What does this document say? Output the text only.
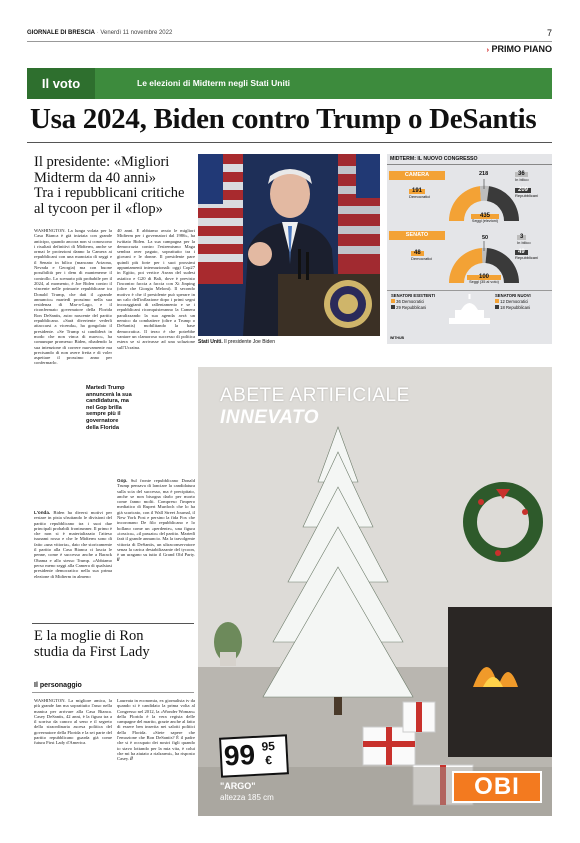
GIORNALE DI BRESCIA · Venerdì 11 novembre 2022	7
› PRIMO PIANO
Il voto	Le elezioni di Midterm negli Stati Uniti
Usa 2024, Biden contro Trump o DeSantis
Il presidente: «Migliori
Midterm da 40 anni»
Tra i repubblicani critiche
al tycoon per il «flop»
Stati Uniti. Il presidente Joe Biden
MIDTERM: IL NUOVO CONGRESSO
CAMERA	218
191
Democratici
36
In bilico
209
Repubblicani
435
Seggi (elezioni)
SENATO	50
48
Democratici
3
In bilico
49
Repubblicani
100
Seggi (35 al voto)
SENATORI ESISTENTI
36 Democratici
29 Repubblicani
SENATORI NUOVI
12 Democratici
18 Repubblicani
WITHUB
WASHINGTON. La lunga volata per la Casa Bianca è già iniziata con grande anticipo, quando ancora non si conoscono i risultati definitivi di Midterm, anche se ormai le proiezioni danno la Camera ai repubblicani con una manciata di seggi e il Senato in bilico (mancano Arizona, Nevada e Georgia) ma con buone possibilità per i dem di mantenerne il controllo. Lo scenario più probabile per il 2024, al momento, è Joe Biden contro il vincente nelle primarie repubblicane tra Donald Trump, che dati il «grande annuncio» martedì prossimo nella sua residenza di Mar-a-Lago, e il riconfermato governatore della Florida Ron DeSantis, astro nascente del partito repubblicano. «Sarà divertente vederli attaccarsi a vicenda», ha gongolato il presidente. «Se Trump si candiderà in modo che non vinca di nuovo», ha comunque promesso Biden, ribadendo la sua intenzione di correre nuovamente ma precisando di non avere fretta e di voler aspettare il prossimo anno per confermarlo.
L'onda. Biden ha diversi motivi per restare in pista sfruttando le divisioni del partito repubblicano tra i suoi due principali probabili frontrunner. Il primo è che non si è materializzato l'atteso tsunami rosso e che le Midterm sono di fatto «una vittoria», dato che storicamente il partito alla Casa Bianca ci lascia le penne, come è successo anche a Barack Obama e allo stesso Trump. «Abbiamo perso meno seggi alla Camera di qualsiasi presidente democratico nella sua prima elezione di Midterm in almeno
Martedì Trump annuncerà la sua candidatura, ma nel Gop brilla sempre più il governatore della Florida
40 anni. E abbiamo avuto le migliori Midterm per i governatori dal 1986», ha twittato Biden. La sua campagna per la democrazia contro l'estremismo Maga sembra aver pagato, soprattutto tra i giovani e le donne. Il presidente pare quindi più forte per i suoi prossimi appuntamenti internazionali: oggi Cop27 in Egitto, poi vertice Asean del sudest asiatico e G20 di Bali, dove è previsto l'incontro faccia a faccia con Xi Jinping (oltre che Giorgia Meloni). Il secondo motivo è che il presidente può sperare in un calo dell'inflazione dopo i primi segni incoraggianti di rallentamento e se i repubblicani riconquisteranno la Camera paralizzando la sua agenda avrà un nemico da combattere (oltre a Trump o DeSantis) mobilitando la base democratica. Il terzo è che potrebbe vantare un clamoroso successo di politica estera se si arrivasse ad una soluzione sull'Ucraina.
Gop. Sul fronte repubblicano Donald Trump pensava di lanciare la candidatura sulla scia del successo, ma è precipitato, anche se non bisogna darlo per morto come fanno molti. Compreso l'impero mediatico di Rupert Murdoch che lo ha già scaricato, con il Wall Street Journal, il New York Post e persino la fida Fox che incoronano De filo repubblicano e lo bollano come un «perdente», una figura «tossica», «il passato» del partito. Martedì farà il grande annuncio. Ma la travolgente vittoria di DeSantis, un ultraconservatore senza la carica destabilizzante del tycoon, è un uragano su tutto il Grand Old Party. //
E la moglie di Ron
studia da First Lady
Il personaggio
WASHINGTON. La migliore amica, la più grande fan ma soprattutto l'asso nella manica per arrivare alla Casa Bianca. Casey DeSantis, 42 anni, è la figura tra a il sorriso da cancro al seno e il segreto della straordinaria ascesa politica del governatore della Florida e la sei parte del partito repubblicano guarda già come futura First Lady d'America.
Laureata in economia, ex giornalista tv da quando si è candidato la prima volta al Congresso nel 2012, la «Wonder Woman» della Florida è la vera regista delle campagne del marito, grazie anche al fatto di essere ben inserita nei salotti politici della Florida. «Siete sapere che l'emozione che Ron DeSantis? È il padre che si è occupato dei nostri figli quando io stavo lottando per la mia vita, è colui che mi ha aiutato a rialzarmi», ha risposto Casey. //
ABETE ARTIFICIALE
INNEVATO
99 95
€
"ARGO"
altezza 185 cm	OBI
